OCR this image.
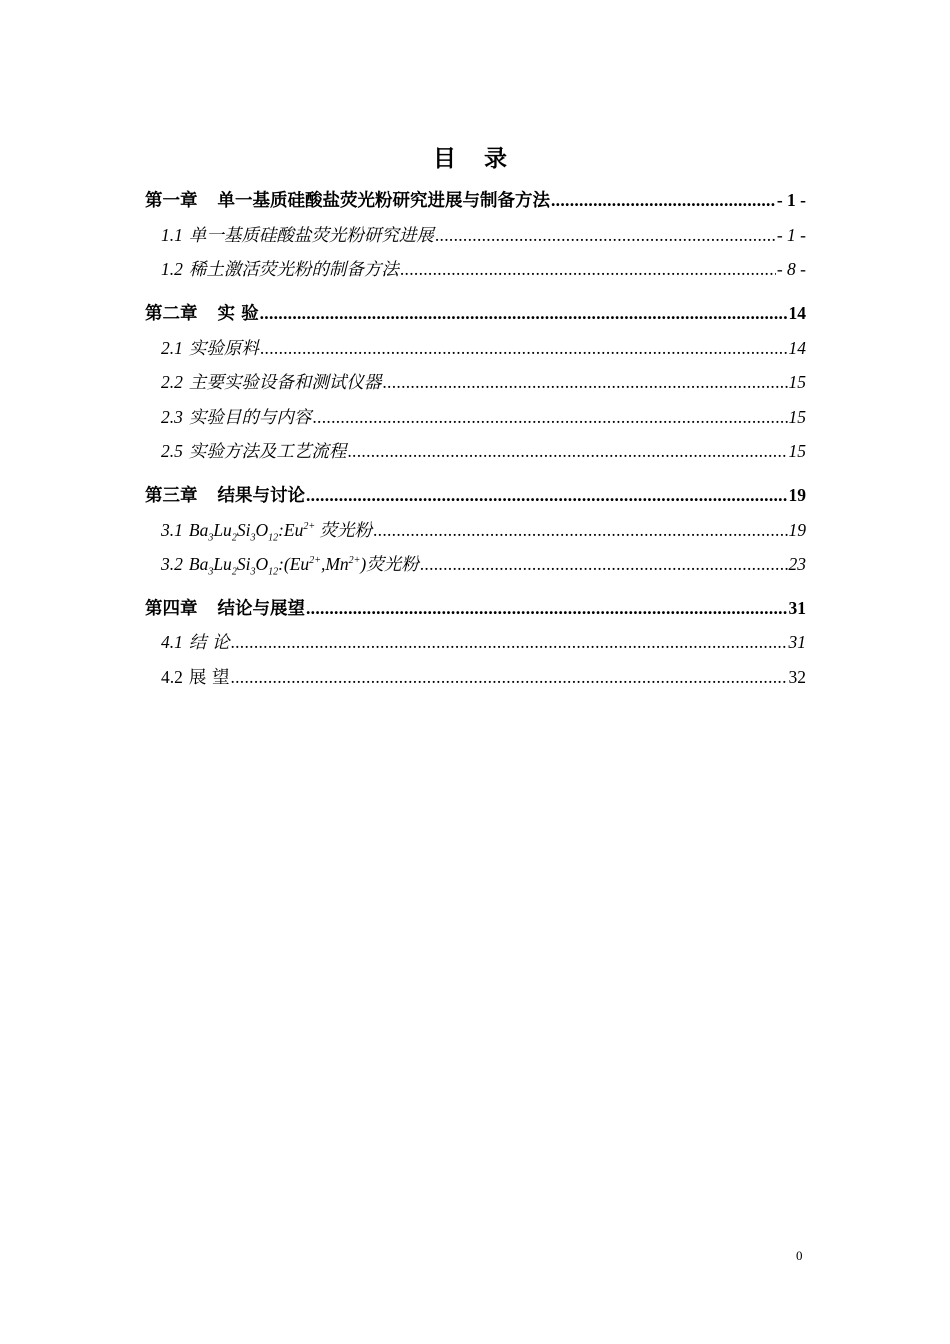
目 录
第一章 单一基质硅酸盐荧光粉研究进展与制备方法 .....	- 1 -
1.1 单一基质硅酸盐荧光粉研究进展 .....	- 1 -
1.2 稀土激活荧光粉的制备方法 .....	- 8 -
第二章 实 验 .....	14
2.1 实验原料 .....	14
2.2 主要实验设备和测试仪器 .....	15
2.3 实验目的与内容 .....	15
2.5 实验方法及工艺流程 .....	15
第三章 结果与讨论 .....	19
3.1 $Ba_3Lu_2Si_3O_{12}:Eu^{2+}$ 荧光粉 .....	19
3.2 $Ba_3Lu_2Si_3O_{12}:(Eu^{2+},Mn^{2+})$荧光粉 .....	23
第四章 结论与展望 .....	31
4.1 结 论 .....	31
4.2 展 望 .....	32
0
